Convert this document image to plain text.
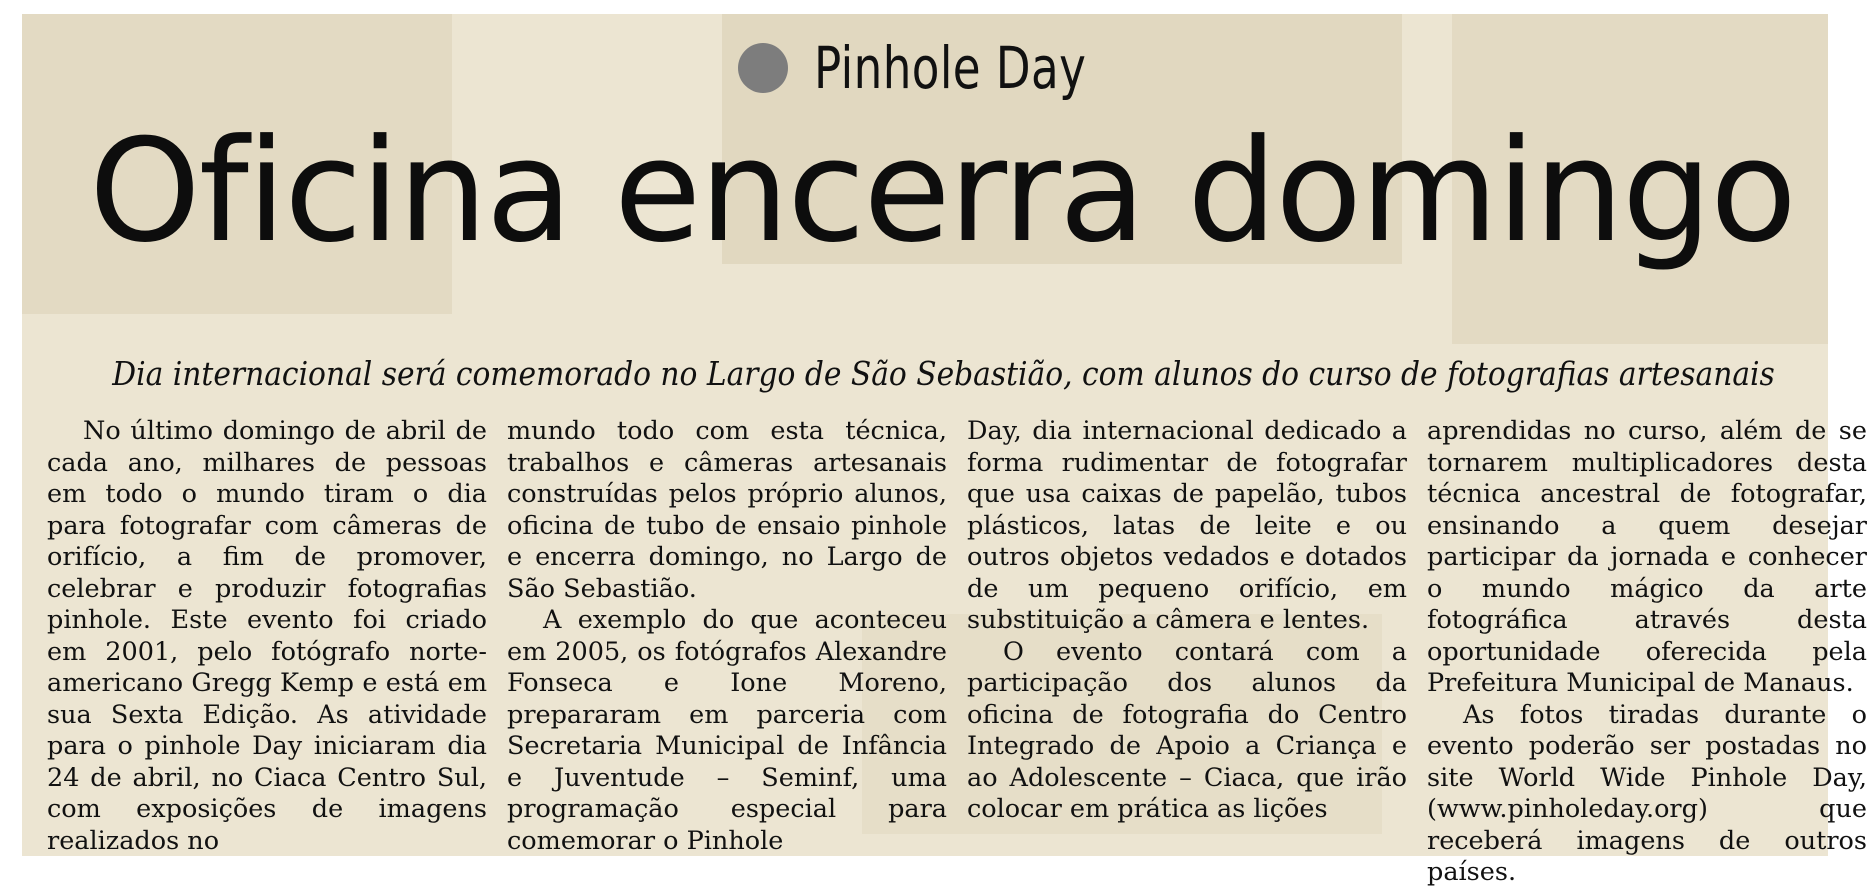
Pinhole Day
Oficina encerra domingo
Dia internacional será comemorado no Largo de São Sebastião, com alunos do curso de fotografias artesanais

No último domingo de abril de cada ano, milhares de pessoas em todo o mundo tiram o dia para fotografar com câmeras de orifício, a fim de promover, celebrar e produzir fotografias pinhole. Este evento foi criado em 2001, pelo fotógrafo norte-americano Gregg Kemp e está em sua Sexta Edição. As atividade para o pinhole Day iniciaram dia 24 de abril, no Ciaca Centro Sul, com exposições de imagens realizados no

mundo todo com esta técnica, trabalhos e câmeras artesanais construídas pelos próprio alunos, oficina de tubo de ensaio pinhole e encerra domingo, no Largo de São Sebastião.

A exemplo do que aconteceu em 2005, os fotógrafos Alexandre Fonseca e Ione Moreno, prepararam em parceria com Secretaria Municipal de Infância e Juventude – Seminf, uma programação especial para comemorar o Pinhole

Day, dia internacional dedicado a forma rudimentar de fotografar que usa caixas de papelão, tubos plásticos, latas de leite e ou outros objetos vedados e dotados de um pequeno orifício, em substituição a câmera e lentes.

O evento contará com a participação dos alunos da oficina de fotografia do Centro Integrado de Apoio a Criança e ao Adolescente – Ciaca, que irão colocar em prática as lições

aprendidas no curso, além de se tornarem multiplicadores desta técnica ancestral de fotografar, ensinando a quem desejar participar da jornada e conhecer o mundo mágico da arte fotográfica através desta oportunidade oferecida pela Prefeitura Municipal de Manaus.

As fotos tiradas durante o evento poderão ser postadas no site World Wide Pinhole Day, (www.pinholeday.org) que receberá imagens de outros países.
